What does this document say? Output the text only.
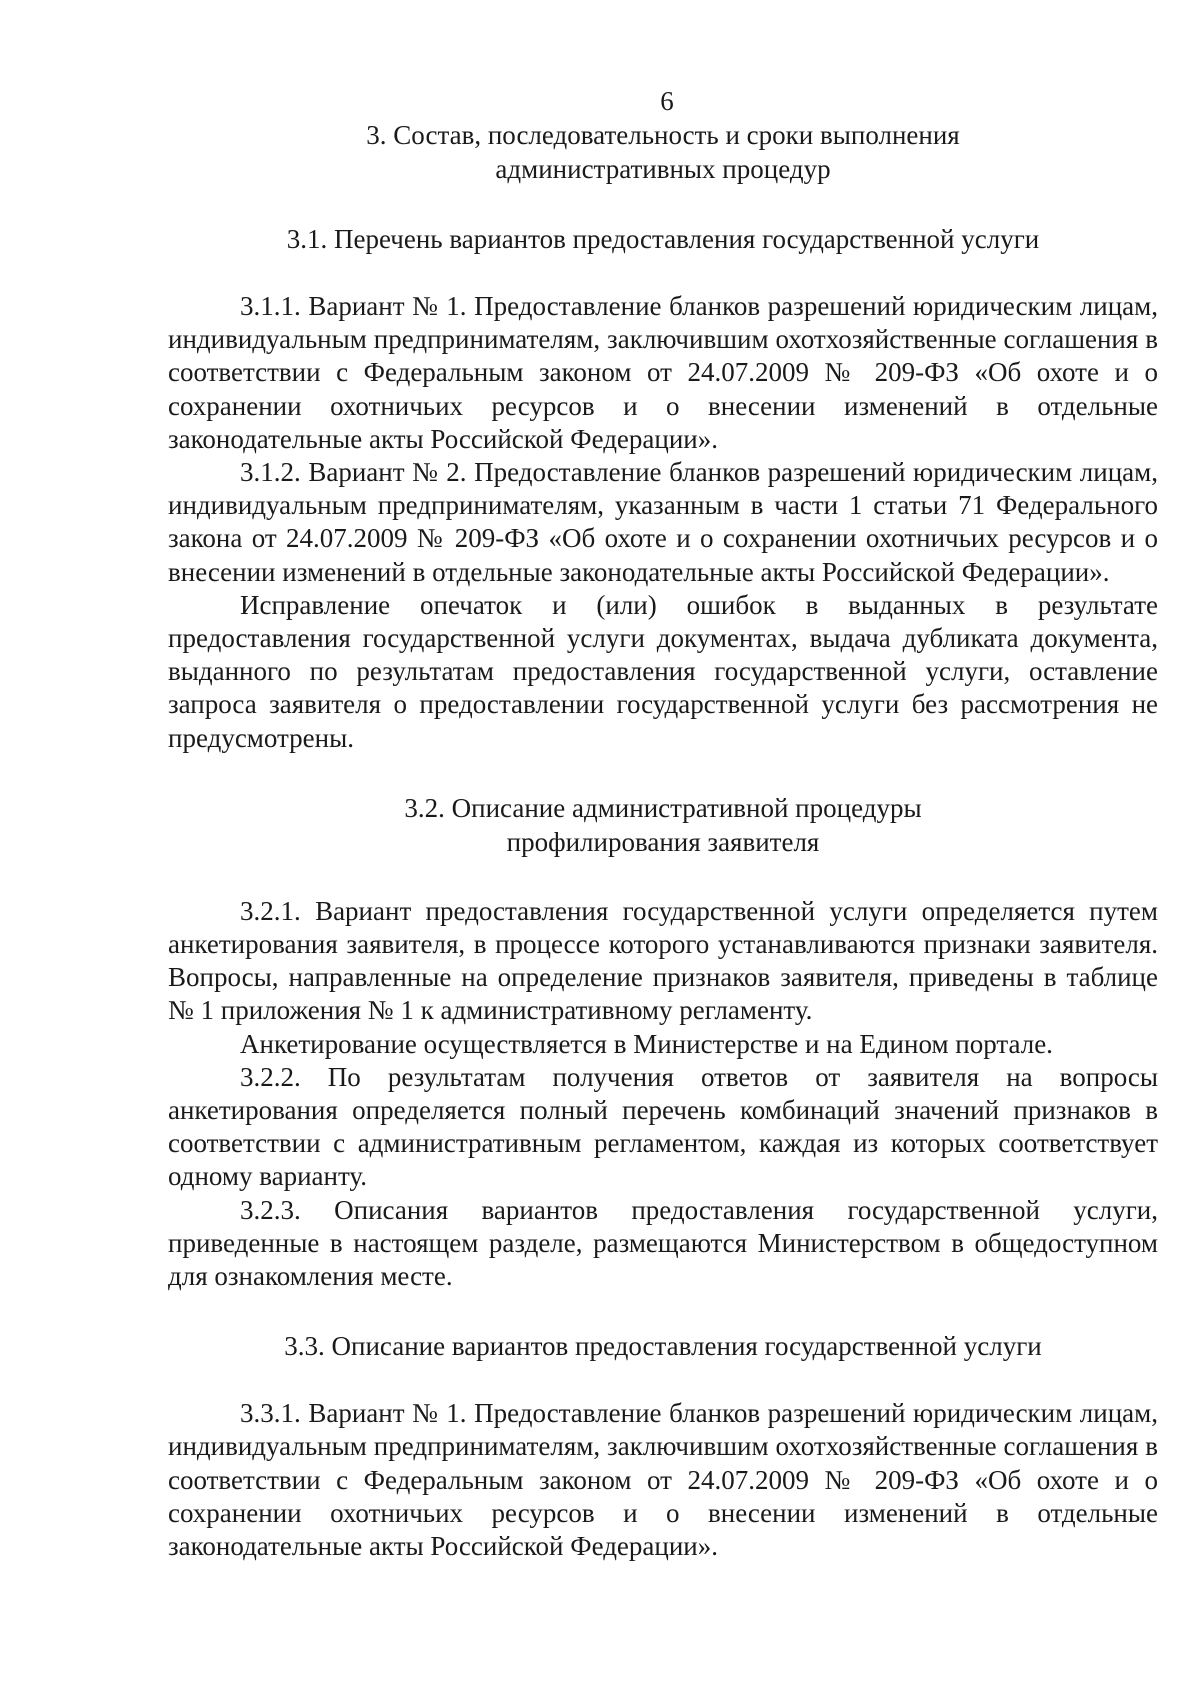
6

3. Состав, последовательность и сроки выполнения
административных процедур
3.1. Перечень вариантов предоставления государственной услуги

3.1.1. Вариант № 1. Предоставление бланков разрешений юридическим лицам, индивидуальным предпринимателям, заключившим охотхозяйственные соглашения в соответствии с Федеральным законом от 24.07.2009 № 209-ФЗ «Об охоте и о сохранении охотничьих ресурсов и о внесении изменений в отдельные законодательные акты Российской Федерации».

3.1.2. Вариант № 2. Предоставление бланков разрешений юридическим лицам, индивидуальным предпринимателям, указанным в части 1 статьи 71 Федерального закона от 24.07.2009 № 209-ФЗ «Об охоте и о сохранении охотничьих ресурсов и о внесении изменений в отдельные законодательные акты Российской Федерации».

Исправление опечаток и (или) ошибок в выданных в результате предоставления государственной услуги документах, выдача дубликата документа, выданного по результатам предоставления государственной услуги, оставление запроса заявителя о предоставлении государственной услуги без рассмотрения не предусмотрены.

3.2. Описание административной процедуры
профилирования заявителя

3.2.1. Вариант предоставления государственной услуги определяется путем анкетирования заявителя, в процессе которого устанавливаются признаки заявителя. Вопросы, направленные на определение признаков заявителя, приведены в таблице № 1 приложения № 1 к административному регламенту.

Анкетирование осуществляется в Министерстве и на Едином портале.

3.2.2. По результатам получения ответов от заявителя на вопросы анкетирования определяется полный перечень комбинаций значений признаков в соответствии с административным регламентом, каждая из которых соответствует одному варианту.

3.2.3. Описания вариантов предоставления государственной услуги, приведенные в настоящем разделе, размещаются Министерством в общедоступном для ознакомления месте.

3.3. Описание вариантов предоставления государственной услуги

3.3.1. Вариант № 1. Предоставление бланков разрешений юридическим лицам, индивидуальным предпринимателям, заключившим охотхозяйственные соглашения в соответствии с Федеральным законом от 24.07.2009 № 209-ФЗ «Об охоте и о сохранении охотничьих ресурсов и о внесении изменений в отдельные законодательные акты Российской Федерации».
